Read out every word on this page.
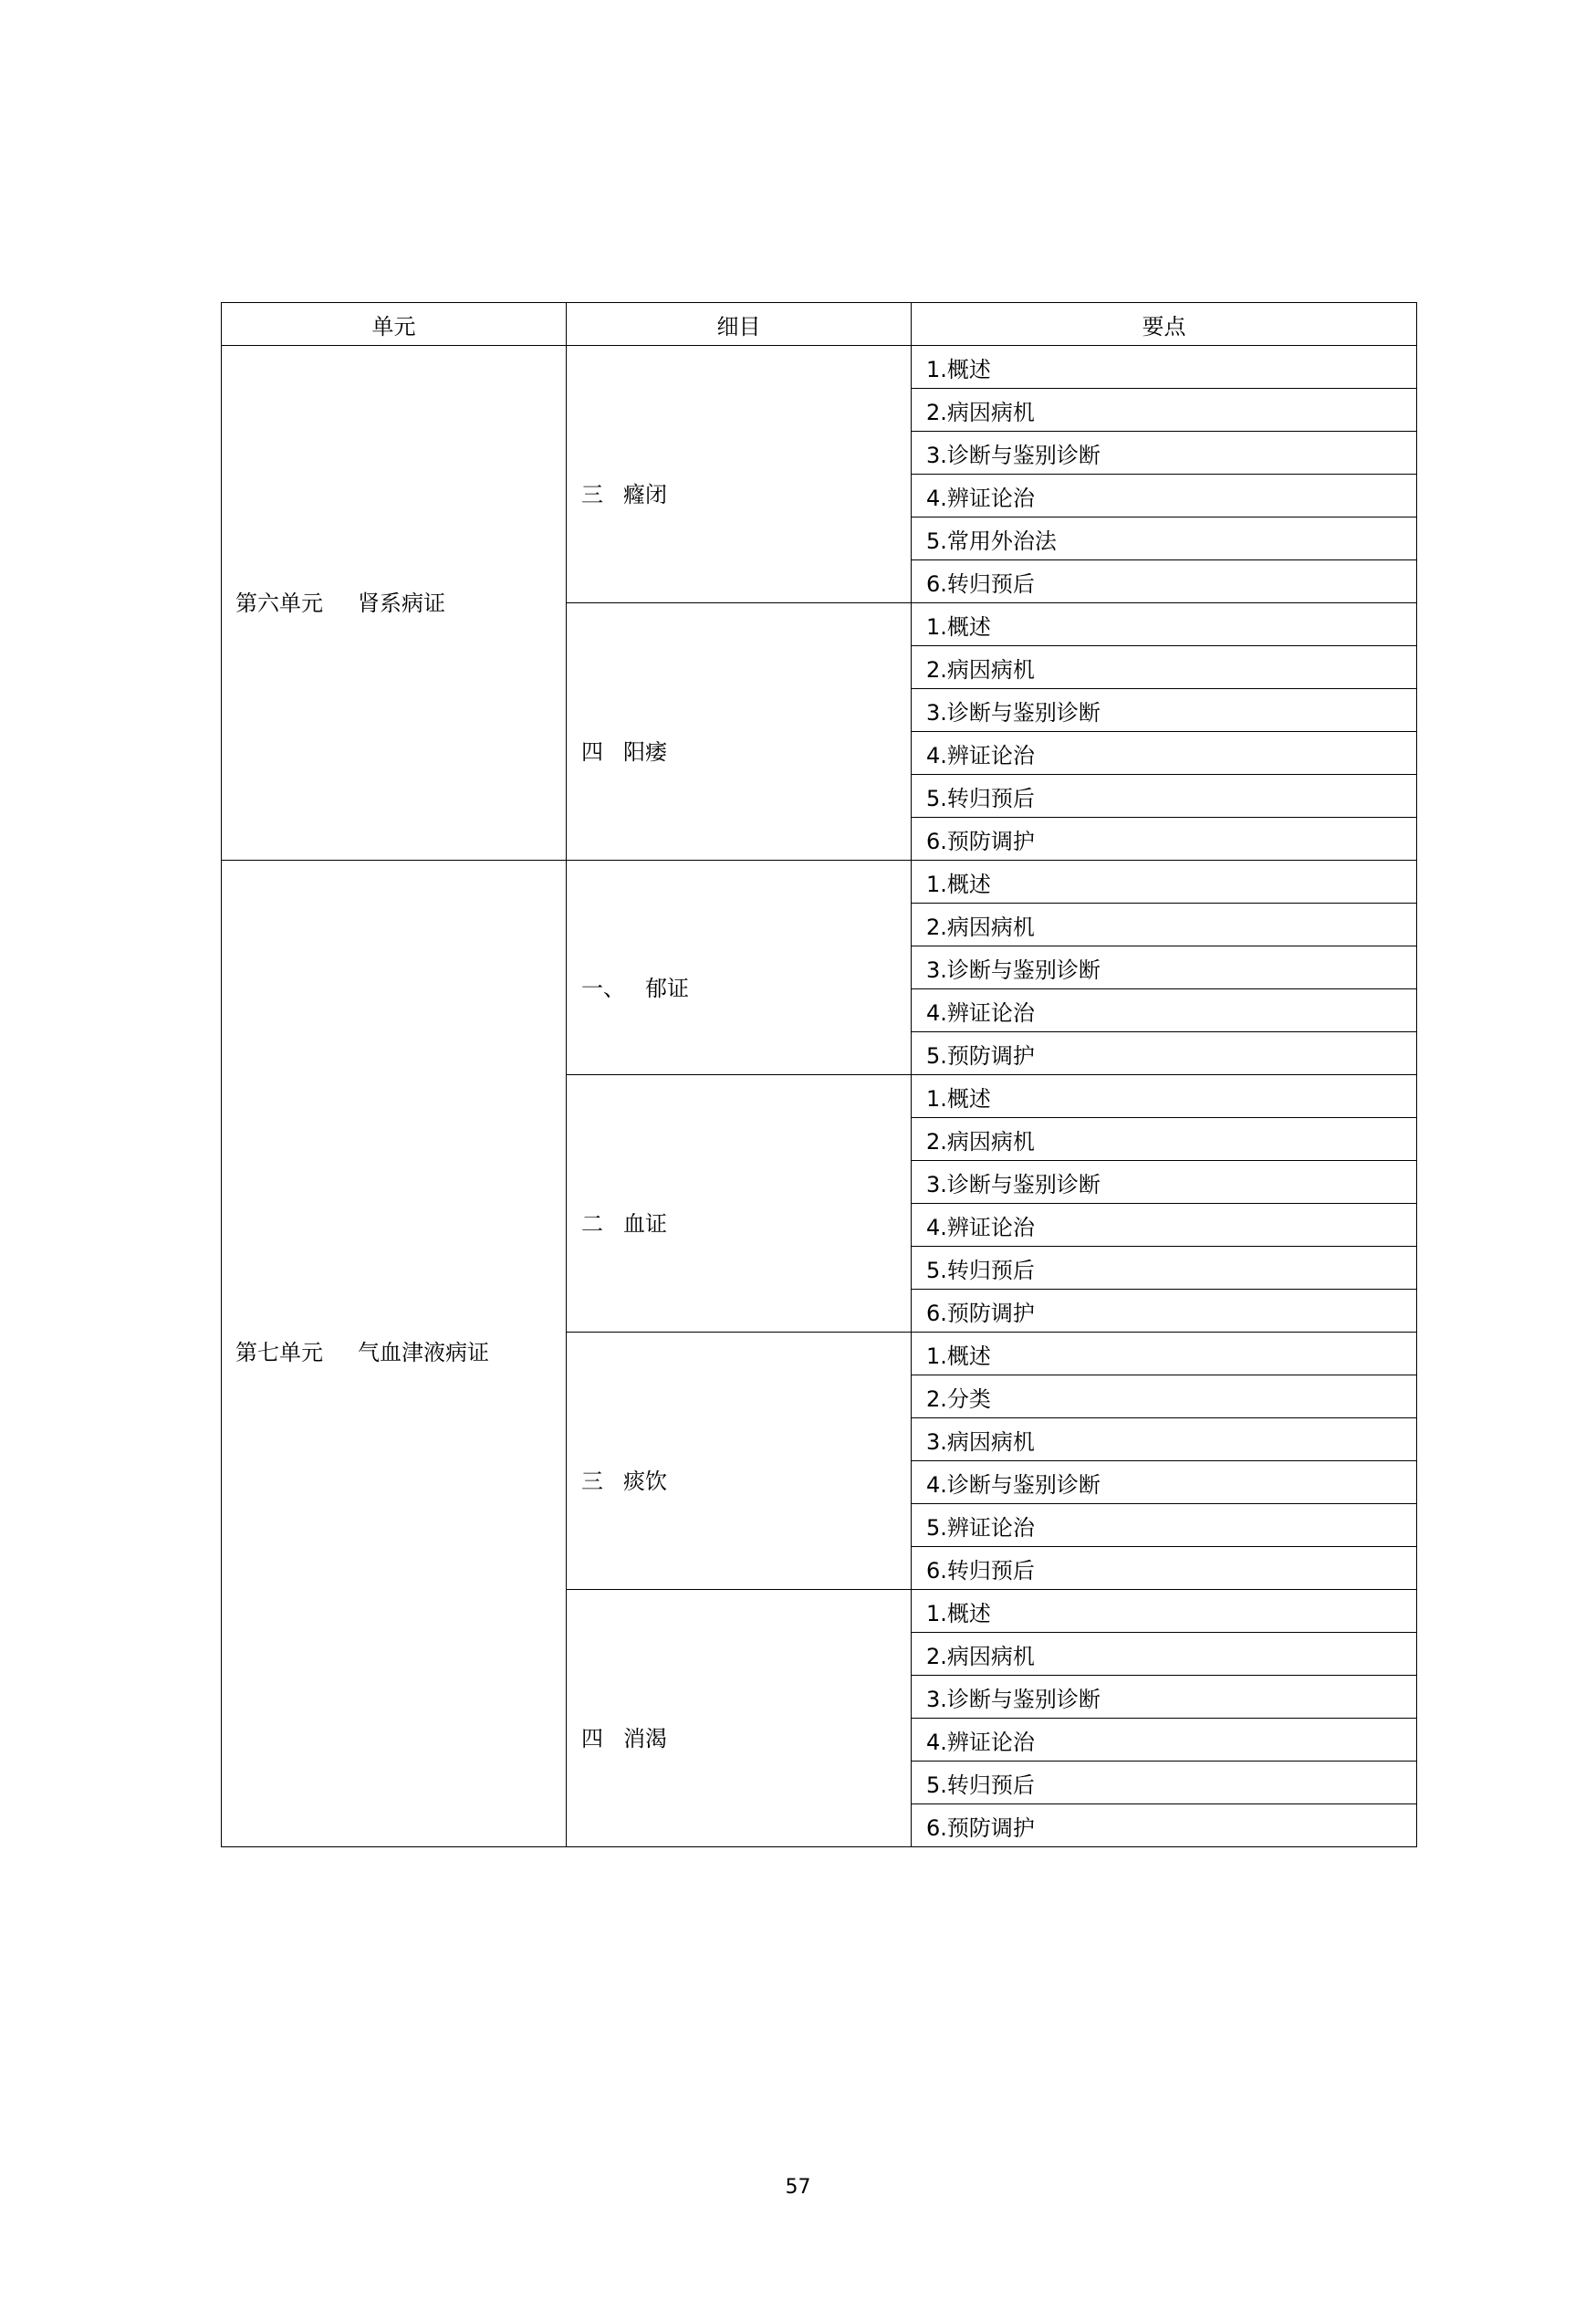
单元	细目	要点

第六单元 肾系病证	三 癃闭	1.概述
		2.病因病机
		3.诊断与鉴别诊断
		4.辨证论治
		5.常用外治法
		6.转归预后

	四 阳痿	1.概述
		2.病因病机
		3.诊断与鉴别诊断
		4.辨证论治
		5.转归预后
		6.预防调护

第七单元 气血津液病证	一、 郁证	1.概述
		2.病因病机
		3.诊断与鉴别诊断
		4.辨证论治
		5.预防调护

	二 血证	1.概述
		2.病因病机
		3.诊断与鉴别诊断
		4.辨证论治
		5.转归预后
		6.预防调护

	三 痰饮	1.概述
		2.分类
		3.病因病机
		4.诊断与鉴别诊断
		5.辨证论治
		6.转归预后

	四 消渴	1.概述
		2.病因病机
		3.诊断与鉴别诊断
		4.辨证论治
		5.转归预后
		6.预防调护
57
